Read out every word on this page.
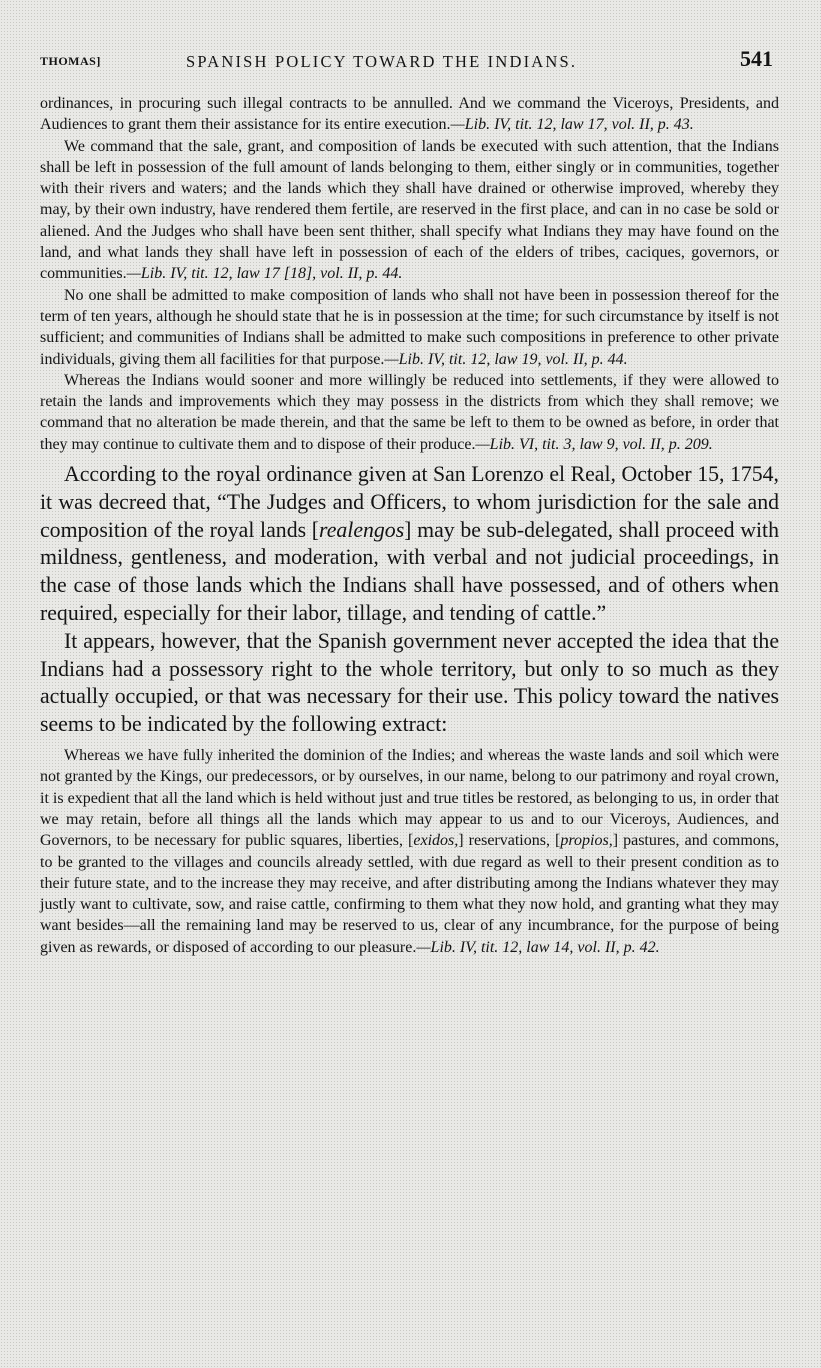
THOMAS]	SPANISH POLICY TOWARD THE INDIANS.	541

ordinances, in procuring such illegal contracts to be annulled. And we command the Viceroys, Presidents, and Audiences to grant them their assistance for its entire execution.—Lib. IV, tit. 12, law 17, vol. II, p. 43.

We command that the sale, grant, and composition of lands be executed with such attention, that the Indians shall be left in possession of the full amount of lands belonging to them, either singly or in communities, together with their rivers and waters; and the lands which they shall have drained or otherwise improved, whereby they may, by their own industry, have rendered them fertile, are reserved in the first place, and can in no case be sold or aliened. And the Judges who shall have been sent thither, shall specify what Indians they may have found on the land, and what lands they shall have left in possession of each of the elders of tribes, caciques, governors, or communities.—Lib. IV, tit. 12, law 17 [18], vol. II, p. 44.

No one shall be admitted to make composition of lands who shall not have been in possession thereof for the term of ten years, although he should state that he is in possession at the time; for such circumstance by itself is not sufficient; and communities of Indians shall be admitted to make such compositions in preference to other private individuals, giving them all facilities for that purpose.—Lib. IV, tit. 12, law 19, vol. II, p. 44.

Whereas the Indians would sooner and more willingly be reduced into settlements, if they were allowed to retain the lands and improvements which they may possess in the districts from which they shall remove; we command that no alteration be made therein, and that the same be left to them to be owned as before, in order that they may continue to cultivate them and to dispose of their produce.—Lib. VI, tit. 3, law 9, vol. II, p. 209.

According to the royal ordinance given at San Lorenzo el Real, October 15, 1754, it was decreed that, “The Judges and Officers, to whom jurisdiction for the sale and composition of the royal lands [realengos] may be sub-delegated, shall proceed with mildness, gentleness, and moderation, with verbal and not judicial proceedings, in the case of those lands which the Indians shall have possessed, and of others when required, especially for their labor, tillage, and tending of cattle.”

It appears, however, that the Spanish government never accepted the idea that the Indians had a possessory right to the whole territory, but only to so much as they actually occupied, or that was necessary for their use. This policy toward the natives seems to be indicated by the following extract:

Whereas we have fully inherited the dominion of the Indies; and whereas the waste lands and soil which were not granted by the Kings, our predecessors, or by ourselves, in our name, belong to our patrimony and royal crown, it is expedient that all the land which is held without just and true titles be restored, as belonging to us, in order that we may retain, before all things all the lands which may appear to us and to our Viceroys, Audiences, and Governors, to be necessary for public squares, liberties, [exidos,] reservations, [propios,] pastures, and commons, to be granted to the villages and councils already settled, with due regard as well to their present condition as to their future state, and to the increase they may receive, and after distributing among the Indians whatever they may justly want to cultivate, sow, and raise cattle, confirming to them what they now hold, and granting what they may want besides—all the remaining land may be reserved to us, clear of any incumbrance, for the purpose of being given as rewards, or disposed of according to our pleasure.—Lib. IV, tit. 12, law 14, vol. II, p. 42.
